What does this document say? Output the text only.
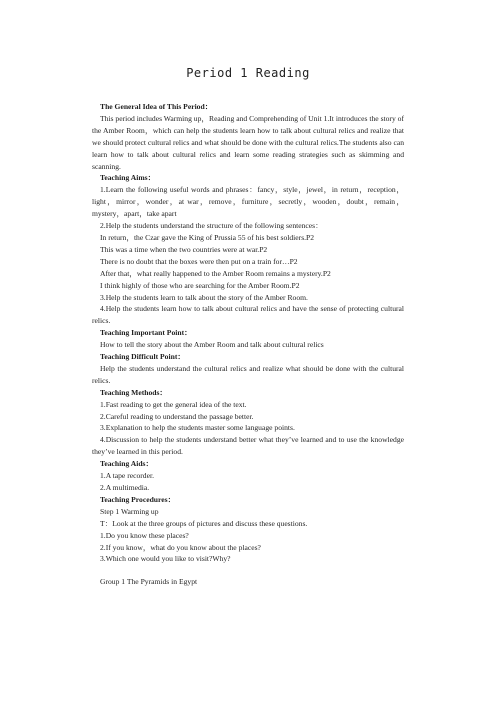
Period 1 Reading

The General Idea of This Period：

This period includes Warming up，Reading and Comprehending of Unit 1.It introduces the story of the Amber Room，which can help the students learn how to talk about cultural relics and realize that we should protect cultural relics and what should be done with the cultural relics.The students also can learn how to talk about cultural relics and learn some reading strategies such as skimming and scanning.

Teaching Aims：

1.Learn the following useful words and phrases：fancy，style，jewel，in return，reception，light，mirror，wonder，at war，remove，furniture，secretly，wooden，doubt，remain，mystery，apart，take apart

2.Help the students understand the structure of the following sentences：

In return，the Czar gave the King of Prussia 55 of his best soldiers.P2

This was a time when the two countries were at war.P2

There is no doubt that the boxes were then put on a train for…P2

After that，what really happened to the Amber Room remains a mystery.P2

I think highly of those who are searching for the Amber Room.P2

3.Help the students learn to talk about the story of the Amber Room.

4.Help the students learn how to talk about cultural relics and have the sense of protecting cultural relics.

Teaching Important Point：

How to tell the story about the Amber Room and talk about cultural relics

Teaching Difficult Point：

Help the students understand the cultural relics and realize what should be done with the cultural relics.

Teaching Methods：

1.Fast reading to get the general idea of the text.

2.Careful reading to understand the passage better.

3.Explanation to help the students master some language points.

4.Discussion to help the students understand better what they’ve learned and to use the knowledge they’ve learned in this period.

Teaching Aids：

1.A tape recorder.

2.A multimedia.

Teaching Procedures：

Step 1 Warming up

T：Look at the three groups of pictures and discuss these questions.

1.Do you know these places?

2.If you know，what do you know about the places?

3.Which one would you like to visit?Why?

Group 1 The Pyramids in Egypt
